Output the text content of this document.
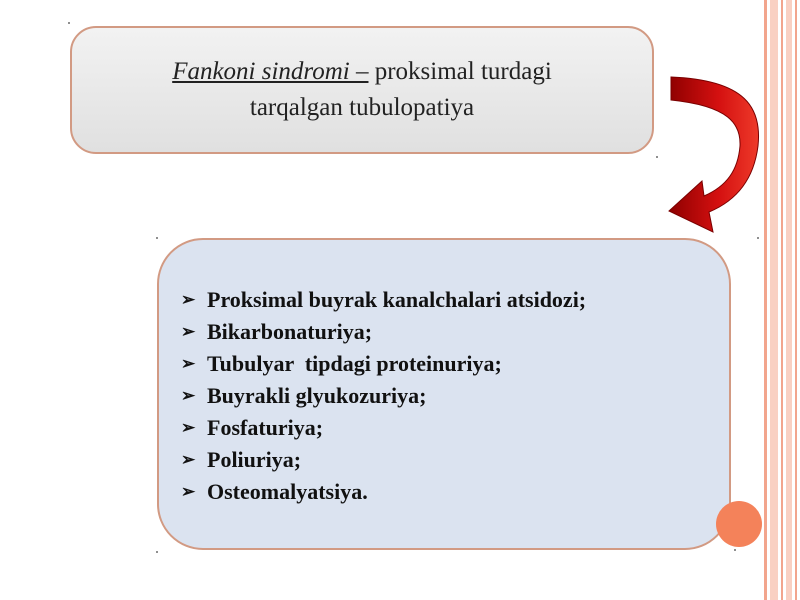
Fankoni sindromi – proksimal turdagi
tarqalgan tubulopatiya
➢ Proksimal buyrak kanalchalari atsidozi;
➢ Bikarbonaturiya;
➢ Tubulyar  tipdagi proteinuriya;
➢ Buyrakli glyukozuriya;
➢ Fosfaturiya;
➢ Poliuriya;
➢ Osteomalyatsiya.
